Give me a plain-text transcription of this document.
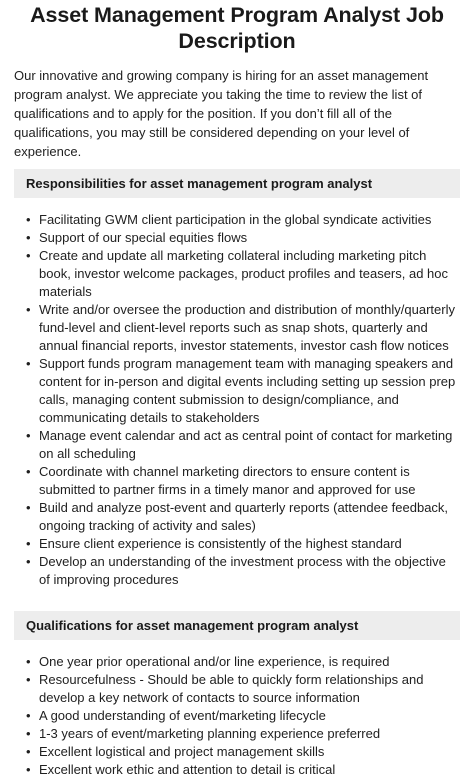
Asset Management Program Analyst Job Description

Our innovative and growing company is hiring for an asset management program analyst. We appreciate you taking the time to review the list of qualifications and to apply for the position. If you don’t fill all of the qualifications, you may still be considered depending on your level of experience.

Responsibilities for asset management program analyst
• Facilitating GWM client participation in the global syndicate activities
• Support of our special equities flows
• Create and update all marketing collateral including marketing pitch book, investor welcome packages, product profiles and teasers, ad hoc materials
• Write and/or oversee the production and distribution of monthly/quarterly fund-level and client-level reports such as snap shots, quarterly and annual financial reports, investor statements, investor cash flow notices
• Support funds program management team with managing speakers and content for in-person and digital events including setting up session prep calls, managing content submission to design/compliance, and communicating details to stakeholders
• Manage event calendar and act as central point of contact for marketing on all scheduling
• Coordinate with channel marketing directors to ensure content is submitted to partner firms in a timely manor and approved for use
• Build and analyze post-event and quarterly reports (attendee feedback, ongoing tracking of activity and sales)
• Ensure client experience is consistently of the highest standard
• Develop an understanding of the investment process with the objective of improving procedures
Qualifications for asset management program analyst
• One year prior operational and/or line experience, is required
• Resourcefulness - Should be able to quickly form relationships and develop a key network of contacts to source information
• A good understanding of event/marketing lifecycle
• 1-3 years of event/marketing planning experience preferred
• Excellent logistical and project management skills
• Excellent work ethic and attention to detail is critical
